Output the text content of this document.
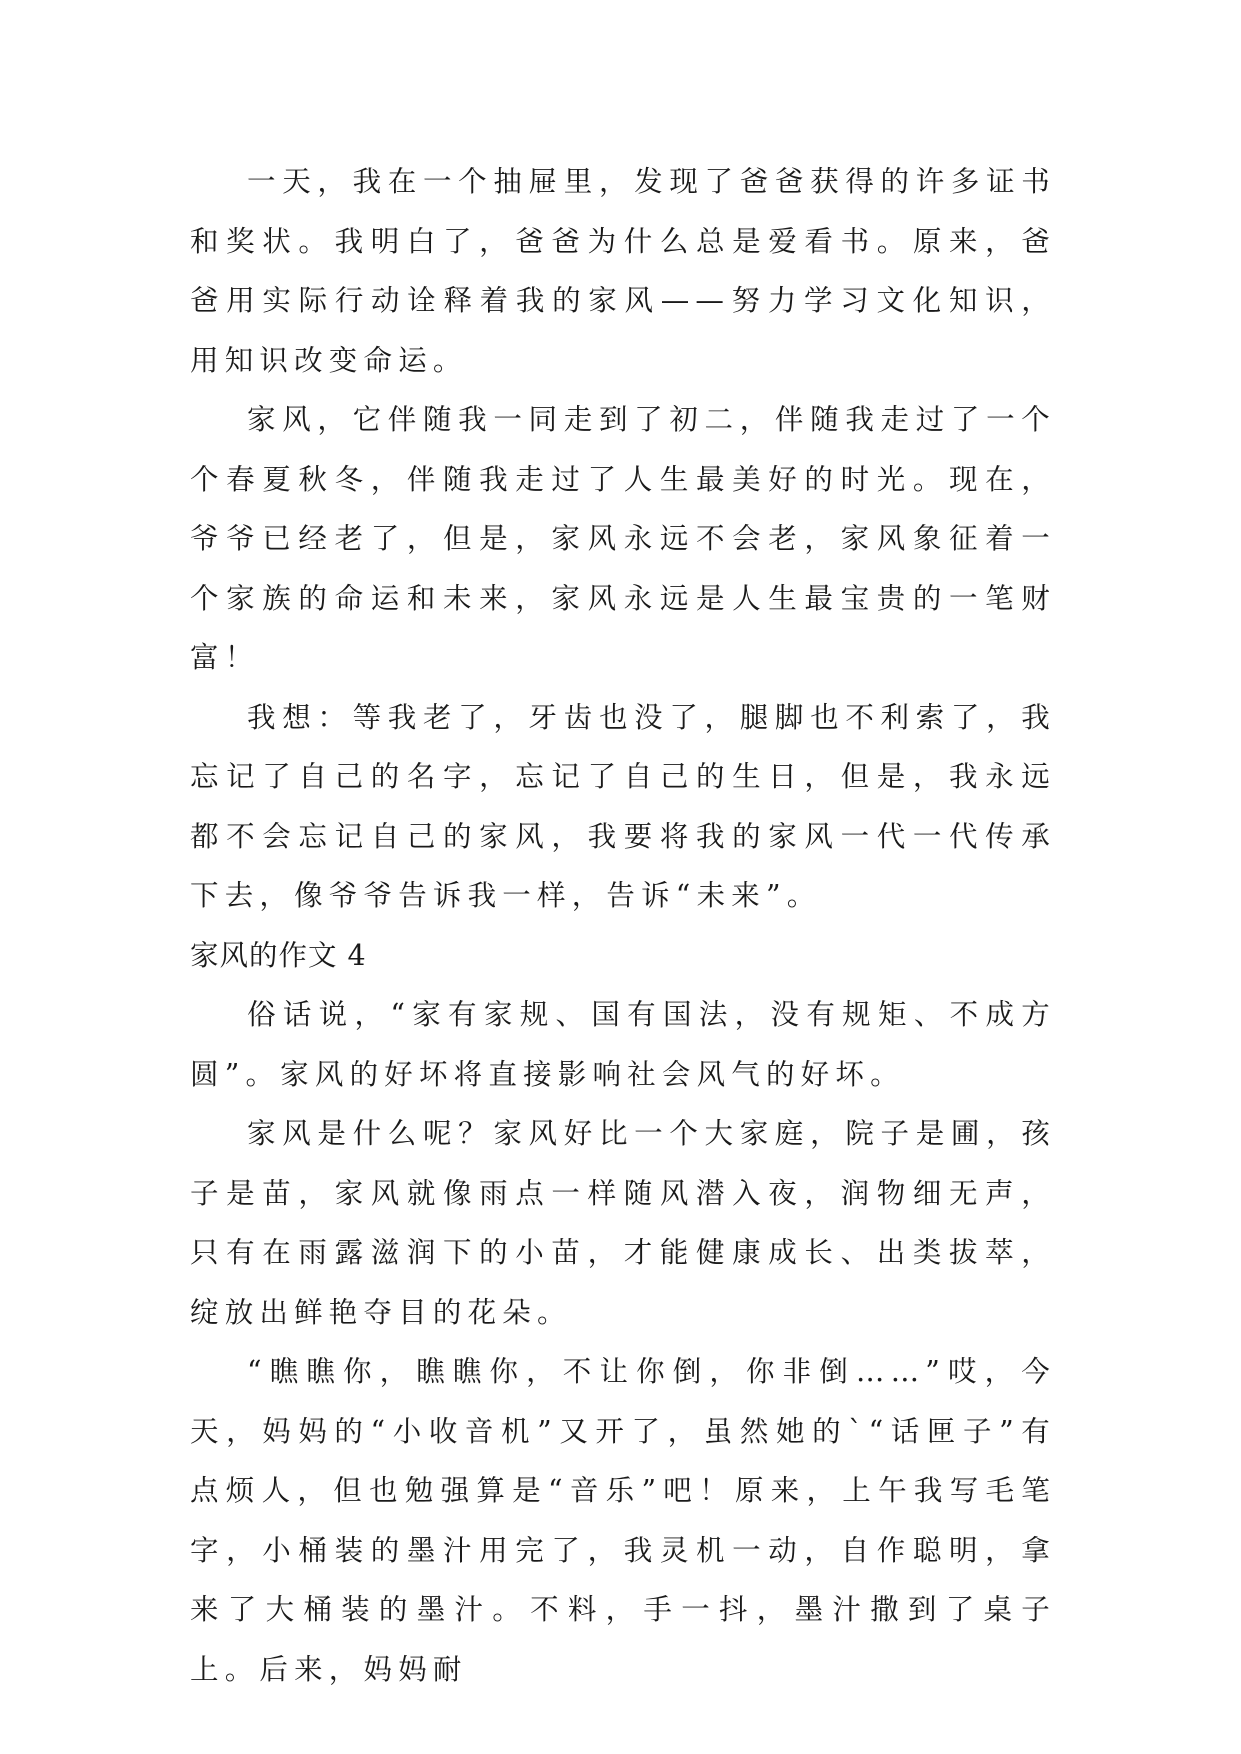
一天，我在一个抽屉里，发现了爸爸获得的许多证书和奖状。我明白了，爸爸为什么总是爱看书。原来，爸爸用实际行动诠释着我的家风——努力学习文化知识，用知识改变命运。

家风，它伴随我一同走到了初二，伴随我走过了一个个春夏秋冬，伴随我走过了人生最美好的时光。现在，爷爷已经老了，但是，家风永远不会老，家风象征着一个家族的命运和未来，家风永远是人生最宝贵的一笔财富！

我想：等我老了，牙齿也没了，腿脚也不利索了，我忘记了自己的名字，忘记了自己的生日，但是，我永远都不会忘记自己的家风，我要将我的家风一代一代传承下去，像爷爷告诉我一样，告诉“未来”。

家风的作文 4

俗话说，“家有家规、国有国法，没有规矩、不成方圆”。家风的好坏将直接影响社会风气的好坏。

家风是什么呢？家风好比一个大家庭，院子是圃，孩子是苗，家风就像雨点一样随风潜入夜，润物细无声，只有在雨露滋润下的小苗，才能健康成长、出类拔萃，绽放出鲜艳夺目的花朵。

“瞧瞧你，瞧瞧你，不让你倒，你非倒……”哎，今天，妈妈的“小收音机”又开了，虽然她的`“话匣子”有点烦人，但也勉强算是“音乐”吧！原来，上午我写毛笔字，小桶装的墨汁用完了，我灵机一动，自作聪明，拿来了大桶装的墨汁。不料，手一抖，墨汁撒到了桌子上。后来，妈妈耐
